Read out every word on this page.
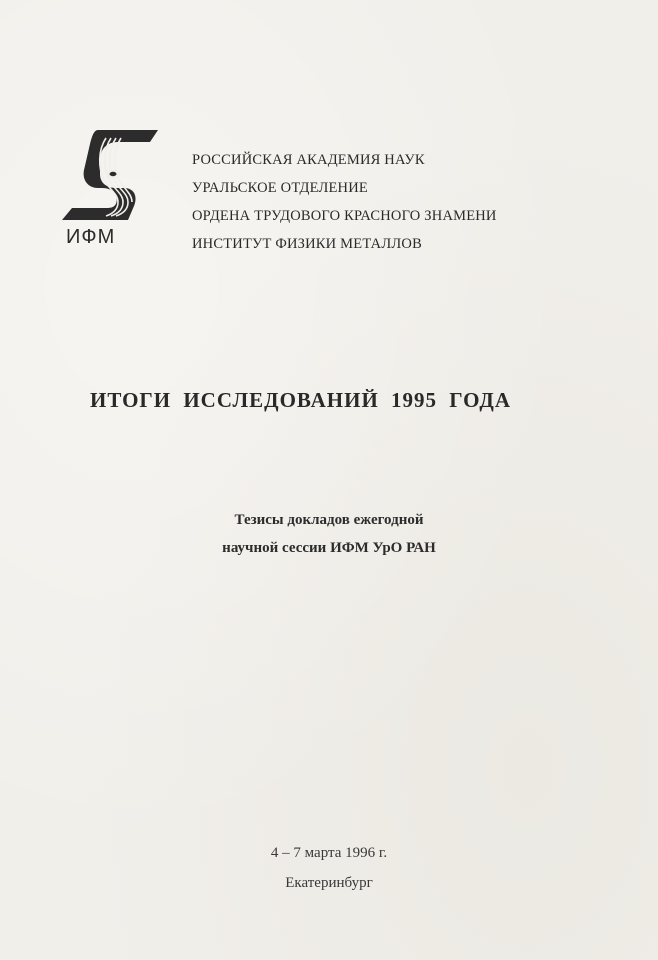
ИФМ
РОССИЙСКАЯ АКАДЕМИЯ НАУК
УРАЛЬСКОЕ ОТДЕЛЕНИЕ
ОРДЕНА ТРУДОВОГО КРАСНОГО ЗНАМЕНИ
ИНСТИТУТ ФИЗИКИ МЕТАЛЛОВ
ИТОГИ ИССЛЕДОВАНИЙ 1995 ГОДА
Тезисы докладов ежегодной
научной сессии ИФМ УрО РАН
4 – 7 марта 1996 г.
Екатеринбург
